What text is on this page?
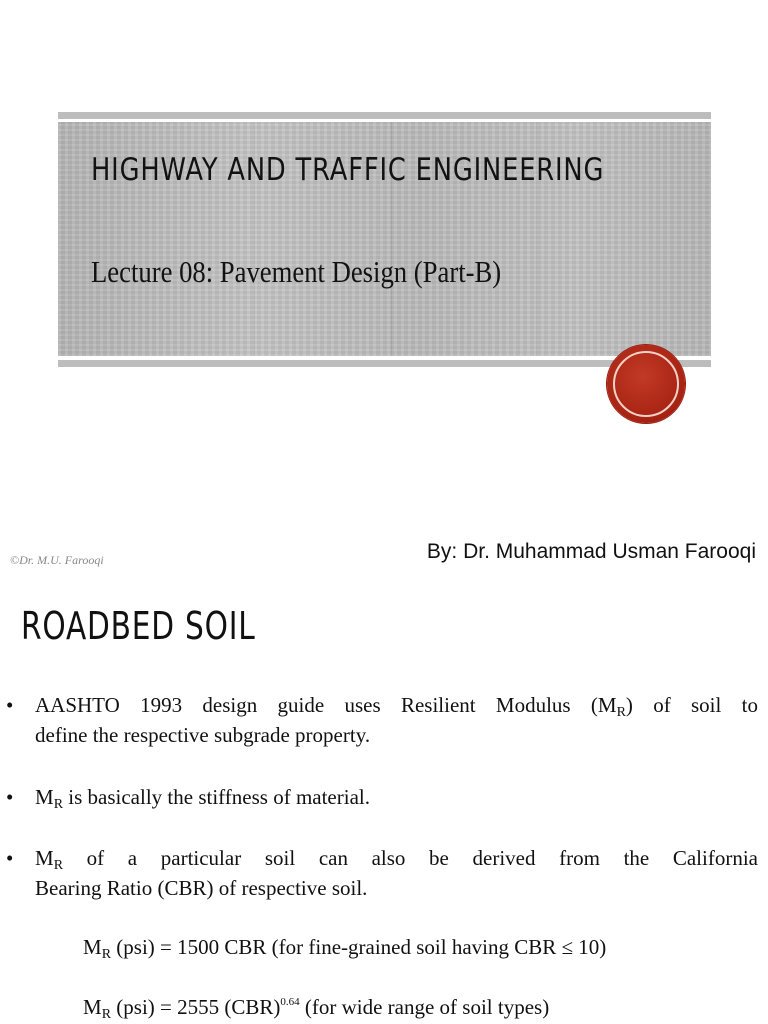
HIGHWAY AND TRAFFIC ENGINEERING
Lecture 08: Pavement Design (Part-B)
©Dr. M.U. Farooqi	By: Dr. Muhammad Usman Farooqi
ROADBED SOIL
•	AASHTO 1993 design guide uses Resilient Modulus $(M_R)$ of soil to
define the respective subgrade property.
•	$M_R$ is basically the stiffness of material.
•	$M_R$ of a particular soil can also be derived from the California
Bearing Ratio (CBR) of respective soil.
$M_R$ (psi) = 1500 CBR (for fine-grained soil having CBR ≤ 10)
$M_R$ (psi) = 2555 (CBR)$^{0.64}$ (for wide range of soil types)
